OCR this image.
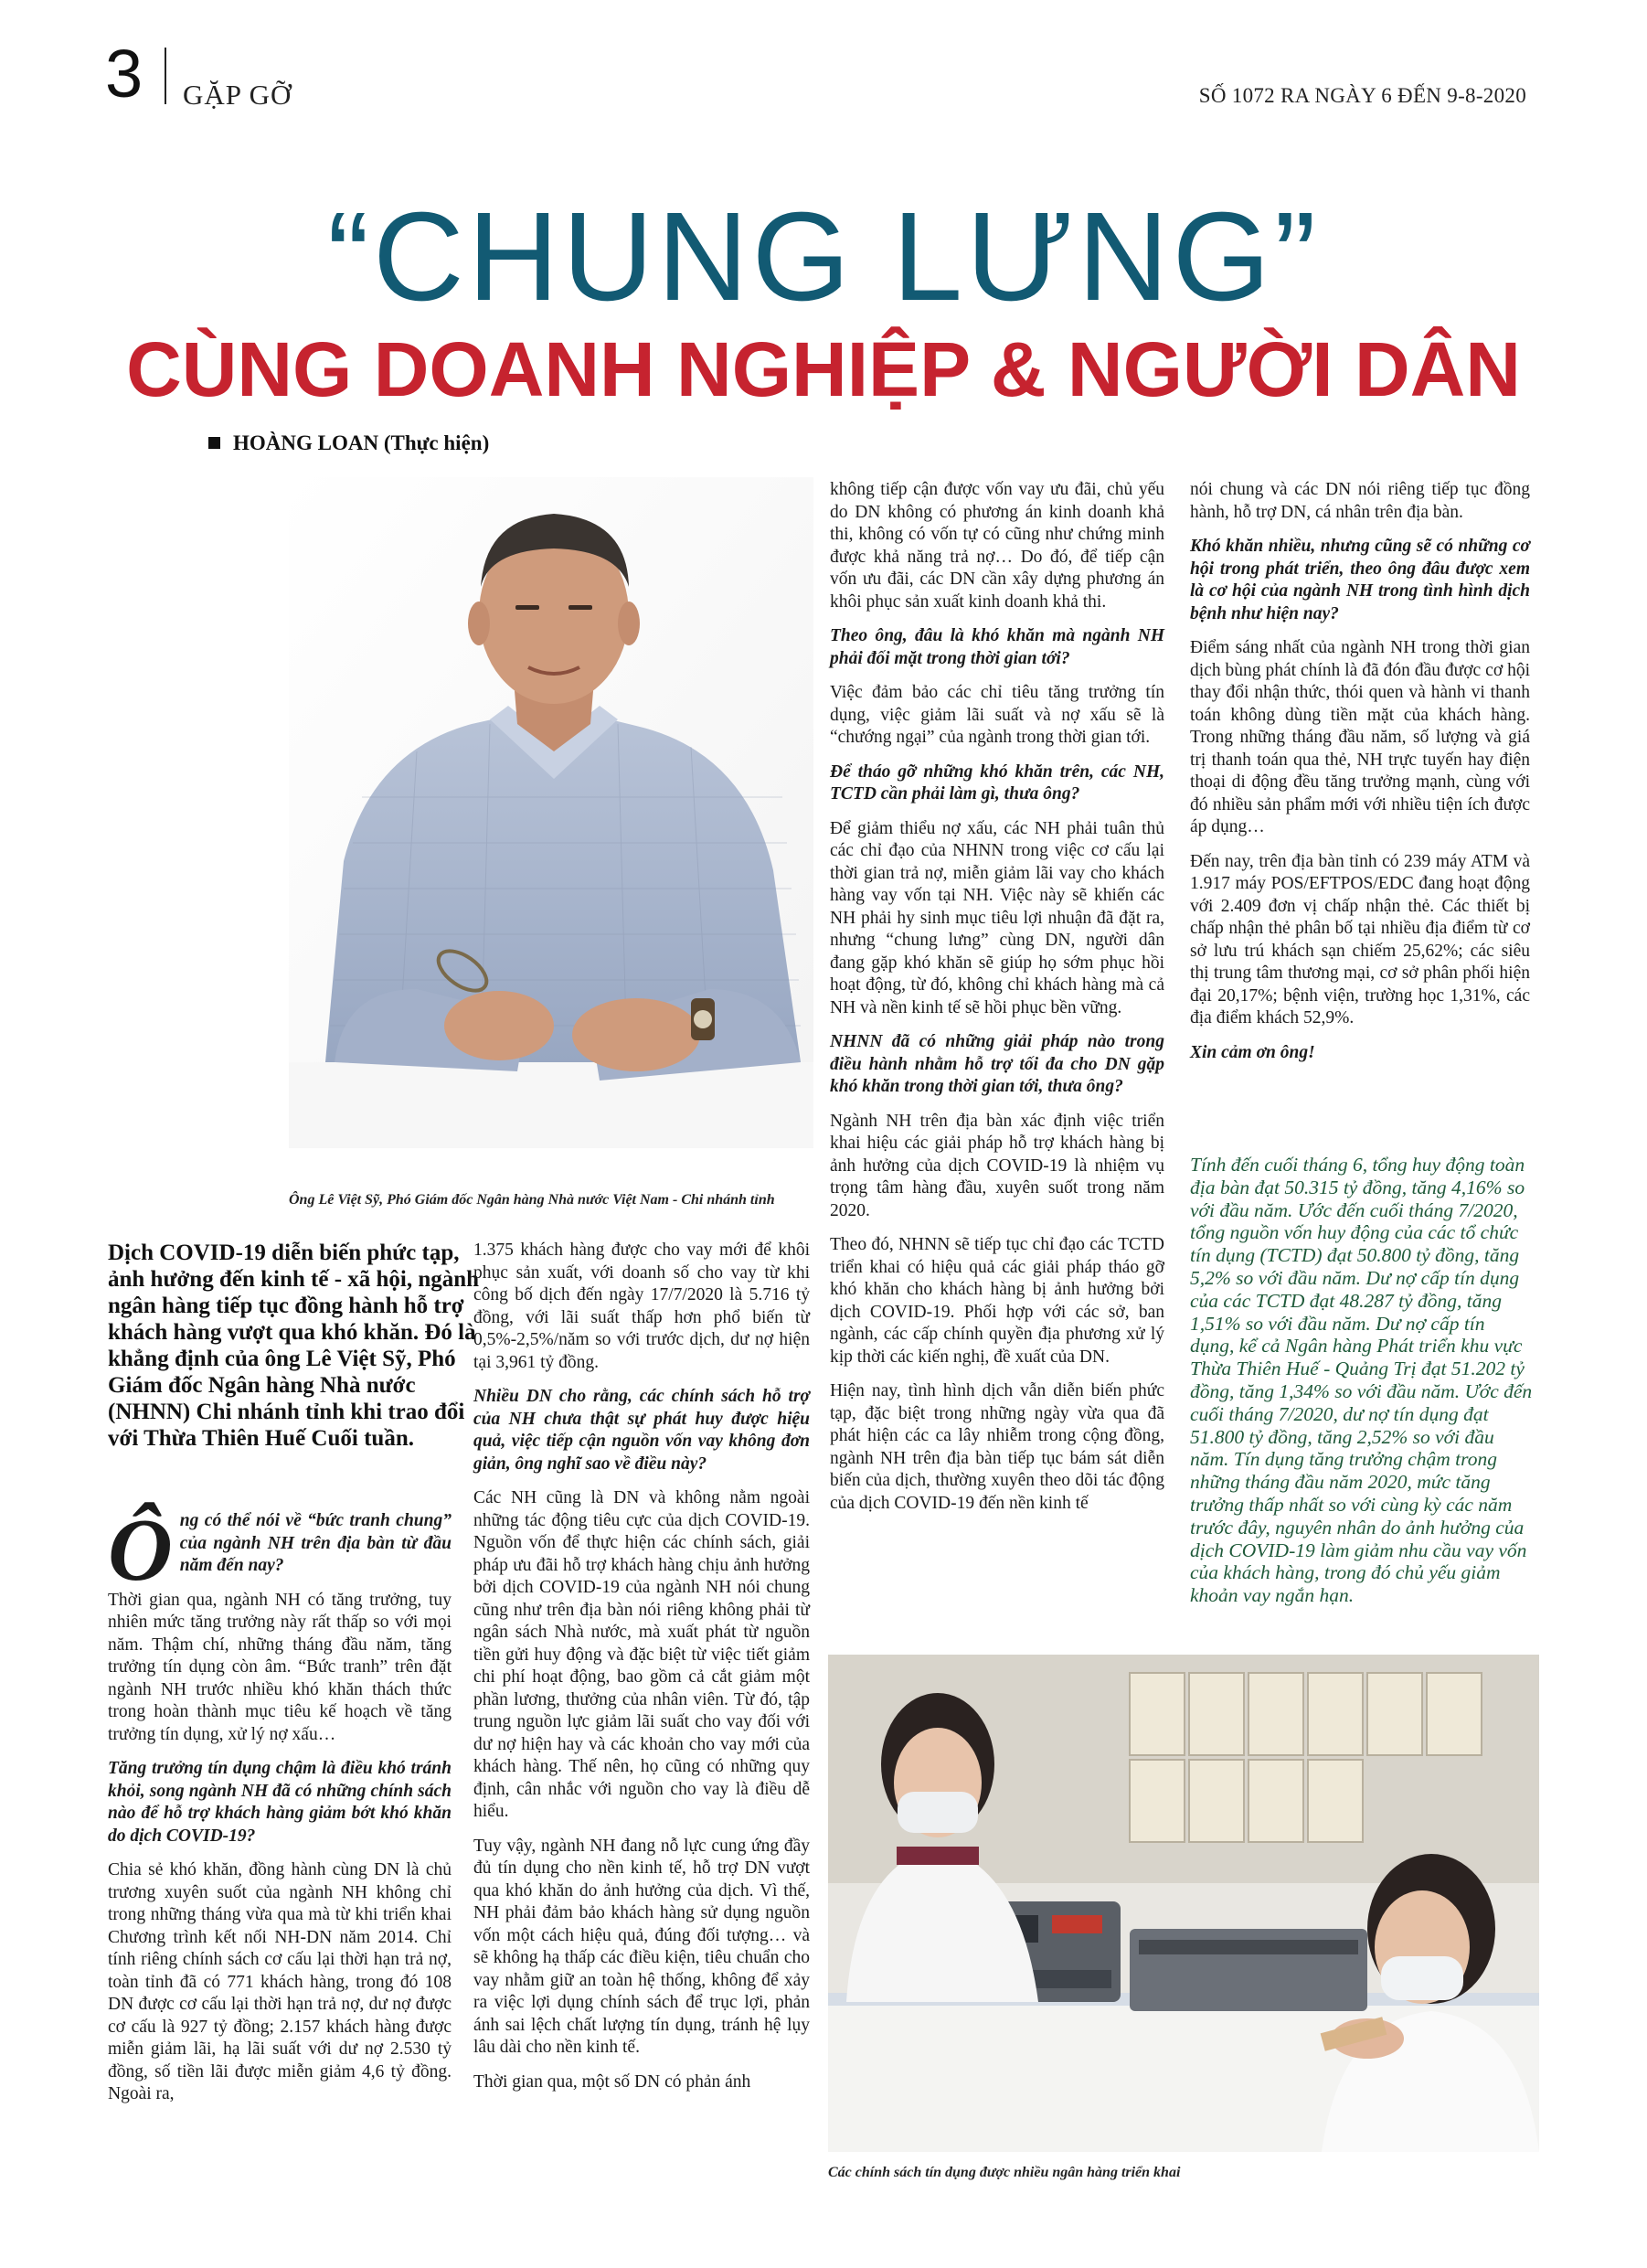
3 GẶP GỠ	SỐ 1072 RA NGÀY 6 ĐẾN 9-8-2020
“CHUNG LƯNG”
CÙNG DOANH NGHIỆP & NGƯỜI DÂN
HOÀNG LOAN (Thực hiện)
Ông Lê Việt Sỹ, Phó Giám đốc Ngân hàng Nhà nước Việt Nam - Chi nhánh tỉnh

Dịch COVID-19 diễn biến phức tạp, ảnh hưởng đến kinh tế - xã hội, ngành ngân hàng tiếp tục đồng hành hỗ trợ khách hàng vượt qua khó khăn. Đó là khẳng định của ông Lê Việt Sỹ, Phó Giám đốc Ngân hàng Nhà nước (NHNN) Chi nhánh tỉnh khi trao đổi với Thừa Thiên Huế Cuối tuần.

Ông có thể nói về “bức tranh chung” của ngành NH trên địa bàn từ đầu năm đến nay?

Thời gian qua, ngành NH có tăng trưởng, tuy nhiên mức tăng trưởng này rất thấp so với mọi năm. Thậm chí, những tháng đầu năm, tăng trưởng tín dụng còn âm. “Bức tranh” trên đặt ngành NH trước nhiều khó khăn thách thức trong hoàn thành mục tiêu kế hoạch về tăng trưởng tín dụng, xử lý nợ xấu…

Tăng trưởng tín dụng chậm là điều khó tránh khỏi, song ngành NH đã có những chính sách nào để hỗ trợ khách hàng giảm bớt khó khăn do dịch COVID-19?

Chia sẻ khó khăn, đồng hành cùng DN là chủ trương xuyên suốt của ngành NH không chỉ trong những tháng vừa qua mà từ khi triển khai Chương trình kết nối NH-DN năm 2014. Chỉ tính riêng chính sách cơ cấu lại thời hạn trả nợ, toàn tỉnh đã có 771 khách hàng, trong đó 108 DN được cơ cấu lại thời hạn trả nợ, dư nợ được cơ cấu là 927 tỷ đồng; 2.157 khách hàng được miễn giảm lãi, hạ lãi suất với dư nợ 2.530 tỷ đồng, số tiền lãi được miễn giảm 4,6 tỷ đồng. Ngoài ra,

1.375 khách hàng được cho vay mới để khôi phục sản xuất, với doanh số cho vay từ khi công bố dịch đến ngày 17/7/2020 là 5.716 tỷ đồng, với lãi suất thấp hơn phổ biến từ 0,5%-2,5%/năm so với trước dịch, dư nợ hiện tại 3,961 tỷ đồng.

Nhiều DN cho rằng, các chính sách hỗ trợ của NH chưa thật sự phát huy được hiệu quả, việc tiếp cận nguồn vốn vay không đơn giản, ông nghĩ sao về điều này?

Các NH cũng là DN và không nằm ngoài những tác động tiêu cực của dịch COVID-19. Nguồn vốn để thực hiện các chính sách, giải pháp ưu đãi hỗ trợ khách hàng chịu ảnh hưởng bởi dịch COVID-19 của ngành NH nói chung cũng như trên địa bàn nói riêng không phải từ ngân sách Nhà nước, mà xuất phát từ nguồn tiền gửi huy động và đặc biệt từ việc tiết giảm chi phí hoạt động, bao gồm cả cắt giảm một phần lương, thưởng của nhân viên. Từ đó, tập trung nguồn lực giảm lãi suất cho vay đối với dư nợ hiện hay và các khoản cho vay mới của khách hàng. Thế nên, họ cũng có những quy định, cân nhắc với nguồn cho vay là điều dễ hiểu.

Tuy vậy, ngành NH đang nỗ lực cung ứng đầy đủ tín dụng cho nền kinh tế, hỗ trợ DN vượt qua khó khăn do ảnh hưởng của dịch. Vì thế, NH phải đảm bảo khách hàng sử dụng nguồn vốn một cách hiệu quả, đúng đối tượng… và sẽ không hạ thấp các điều kiện, tiêu chuẩn cho vay nhằm giữ an toàn hệ thống, không để xảy ra việc lợi dụng chính sách để trục lợi, phản ánh sai lệch chất lượng tín dụng, tránh hệ lụy lâu dài cho nền kinh tế.

Thời gian qua, một số DN có phản ánh

không tiếp cận được vốn vay ưu đãi, chủ yếu do DN không có phương án kinh doanh khả thi, không có vốn tự có cũng như chứng minh được khả năng trả nợ… Do đó, để tiếp cận vốn ưu đãi, các DN cần xây dựng phương án khôi phục sản xuất kinh doanh khả thi.

Theo ông, đâu là khó khăn mà ngành NH phải đối mặt trong thời gian tới?

Việc đảm bảo các chỉ tiêu tăng trưởng tín dụng, việc giảm lãi suất và nợ xấu sẽ là “chướng ngại” của ngành trong thời gian tới.

Để tháo gỡ những khó khăn trên, các NH, TCTD cần phải làm gì, thưa ông?

Để giảm thiểu nợ xấu, các NH phải tuân thủ các chỉ đạo của NHNN trong việc cơ cấu lại thời gian trả nợ, miễn giảm lãi vay cho khách hàng vay vốn tại NH. Việc này sẽ khiến các NH phải hy sinh mục tiêu lợi nhuận đã đặt ra, nhưng “chung lưng” cùng DN, người dân đang gặp khó khăn sẽ giúp họ sớm phục hồi hoạt động, từ đó, không chỉ khách hàng mà cả NH và nền kinh tế sẽ hồi phục bền vững.

NHNN đã có những giải pháp nào trong điều hành nhằm hỗ trợ tối đa cho DN gặp khó khăn trong thời gian tới, thưa ông?

Ngành NH trên địa bàn xác định việc triển khai hiệu các giải pháp hỗ trợ khách hàng bị ảnh hưởng của dịch COVID-19 là nhiệm vụ trọng tâm hàng đầu, xuyên suốt trong năm 2020.

Theo đó, NHNN sẽ tiếp tục chỉ đạo các TCTD triển khai có hiệu quả các giải pháp tháo gỡ khó khăn cho khách hàng bị ảnh hưởng bởi dịch COVID-19. Phối hợp với các sở, ban ngành, các cấp chính quyền địa phương xử lý kịp thời các kiến nghị, đề xuất của DN.

Hiện nay, tình hình dịch vẫn diễn biến phức tạp, đặc biệt trong những ngày vừa qua đã phát hiện các ca lây nhiễm trong cộng đồng, ngành NH trên địa bàn tiếp tục bám sát diễn biến của dịch, thường xuyên theo dõi tác động của dịch COVID-19 đến nền kinh tế

nói chung và các DN nói riêng tiếp tục đồng hành, hỗ trợ DN, cá nhân trên địa bàn.

Khó khăn nhiều, nhưng cũng sẽ có những cơ hội trong phát triển, theo ông đâu được xem là cơ hội của ngành NH trong tình hình dịch bệnh như hiện nay?

Điểm sáng nhất của ngành NH trong thời gian dịch bùng phát chính là đã đón đầu được cơ hội thay đổi nhận thức, thói quen và hành vi thanh toán không dùng tiền mặt của khách hàng. Trong những tháng đầu năm, số lượng và giá trị thanh toán qua thẻ, NH trực tuyến hay điện thoại di động đều tăng trưởng mạnh, cùng với đó nhiều sản phẩm mới với nhiều tiện ích được áp dụng…

Đến nay, trên địa bàn tỉnh có 239 máy ATM và 1.917 máy POS/EFTPOS/EDC đang hoạt động với 2.409 đơn vị chấp nhận thẻ. Các thiết bị chấp nhận thẻ phân bố tại nhiều địa điểm từ cơ sở lưu trú khách sạn chiếm 25,62%; các siêu thị trung tâm thương mại, cơ sở phân phối hiện đại 20,17%; bệnh viện, trường học 1,31%, các địa điểm khách 52,9%.

Xin cảm ơn ông!

Tính đến cuối tháng 6, tổng huy động toàn địa bàn đạt 50.315 tỷ đồng, tăng 4,16% so với đầu năm. Ước đến cuối tháng 7/2020, tổng nguồn vốn huy động của các tổ chức tín dụng (TCTD) đạt 50.800 tỷ đồng, tăng 5,2% so với đầu năm. Dư nợ cấp tín dụng của các TCTD đạt 48.287 tỷ đồng, tăng 1,51% so với đầu năm. Dư nợ cấp tín dụng, kể cả Ngân hàng Phát triển khu vực Thừa Thiên Huế - Quảng Trị đạt 51.202 tỷ đồng, tăng 1,34% so với đầu năm. Ước đến cuối tháng 7/2020, dư nợ tín dụng đạt 51.800 tỷ đồng, tăng 2,52% so với đầu năm. Tín dụng tăng trưởng chậm trong những tháng đầu năm 2020, mức tăng trưởng thấp nhất so với cùng kỳ các năm trước đây, nguyên nhân do ảnh hưởng của dịch COVID-19 làm giảm nhu cầu vay vốn của khách hàng, trong đó chủ yếu giảm khoản vay ngắn hạn.

Các chính sách tín dụng được nhiều ngân hàng triển khai
